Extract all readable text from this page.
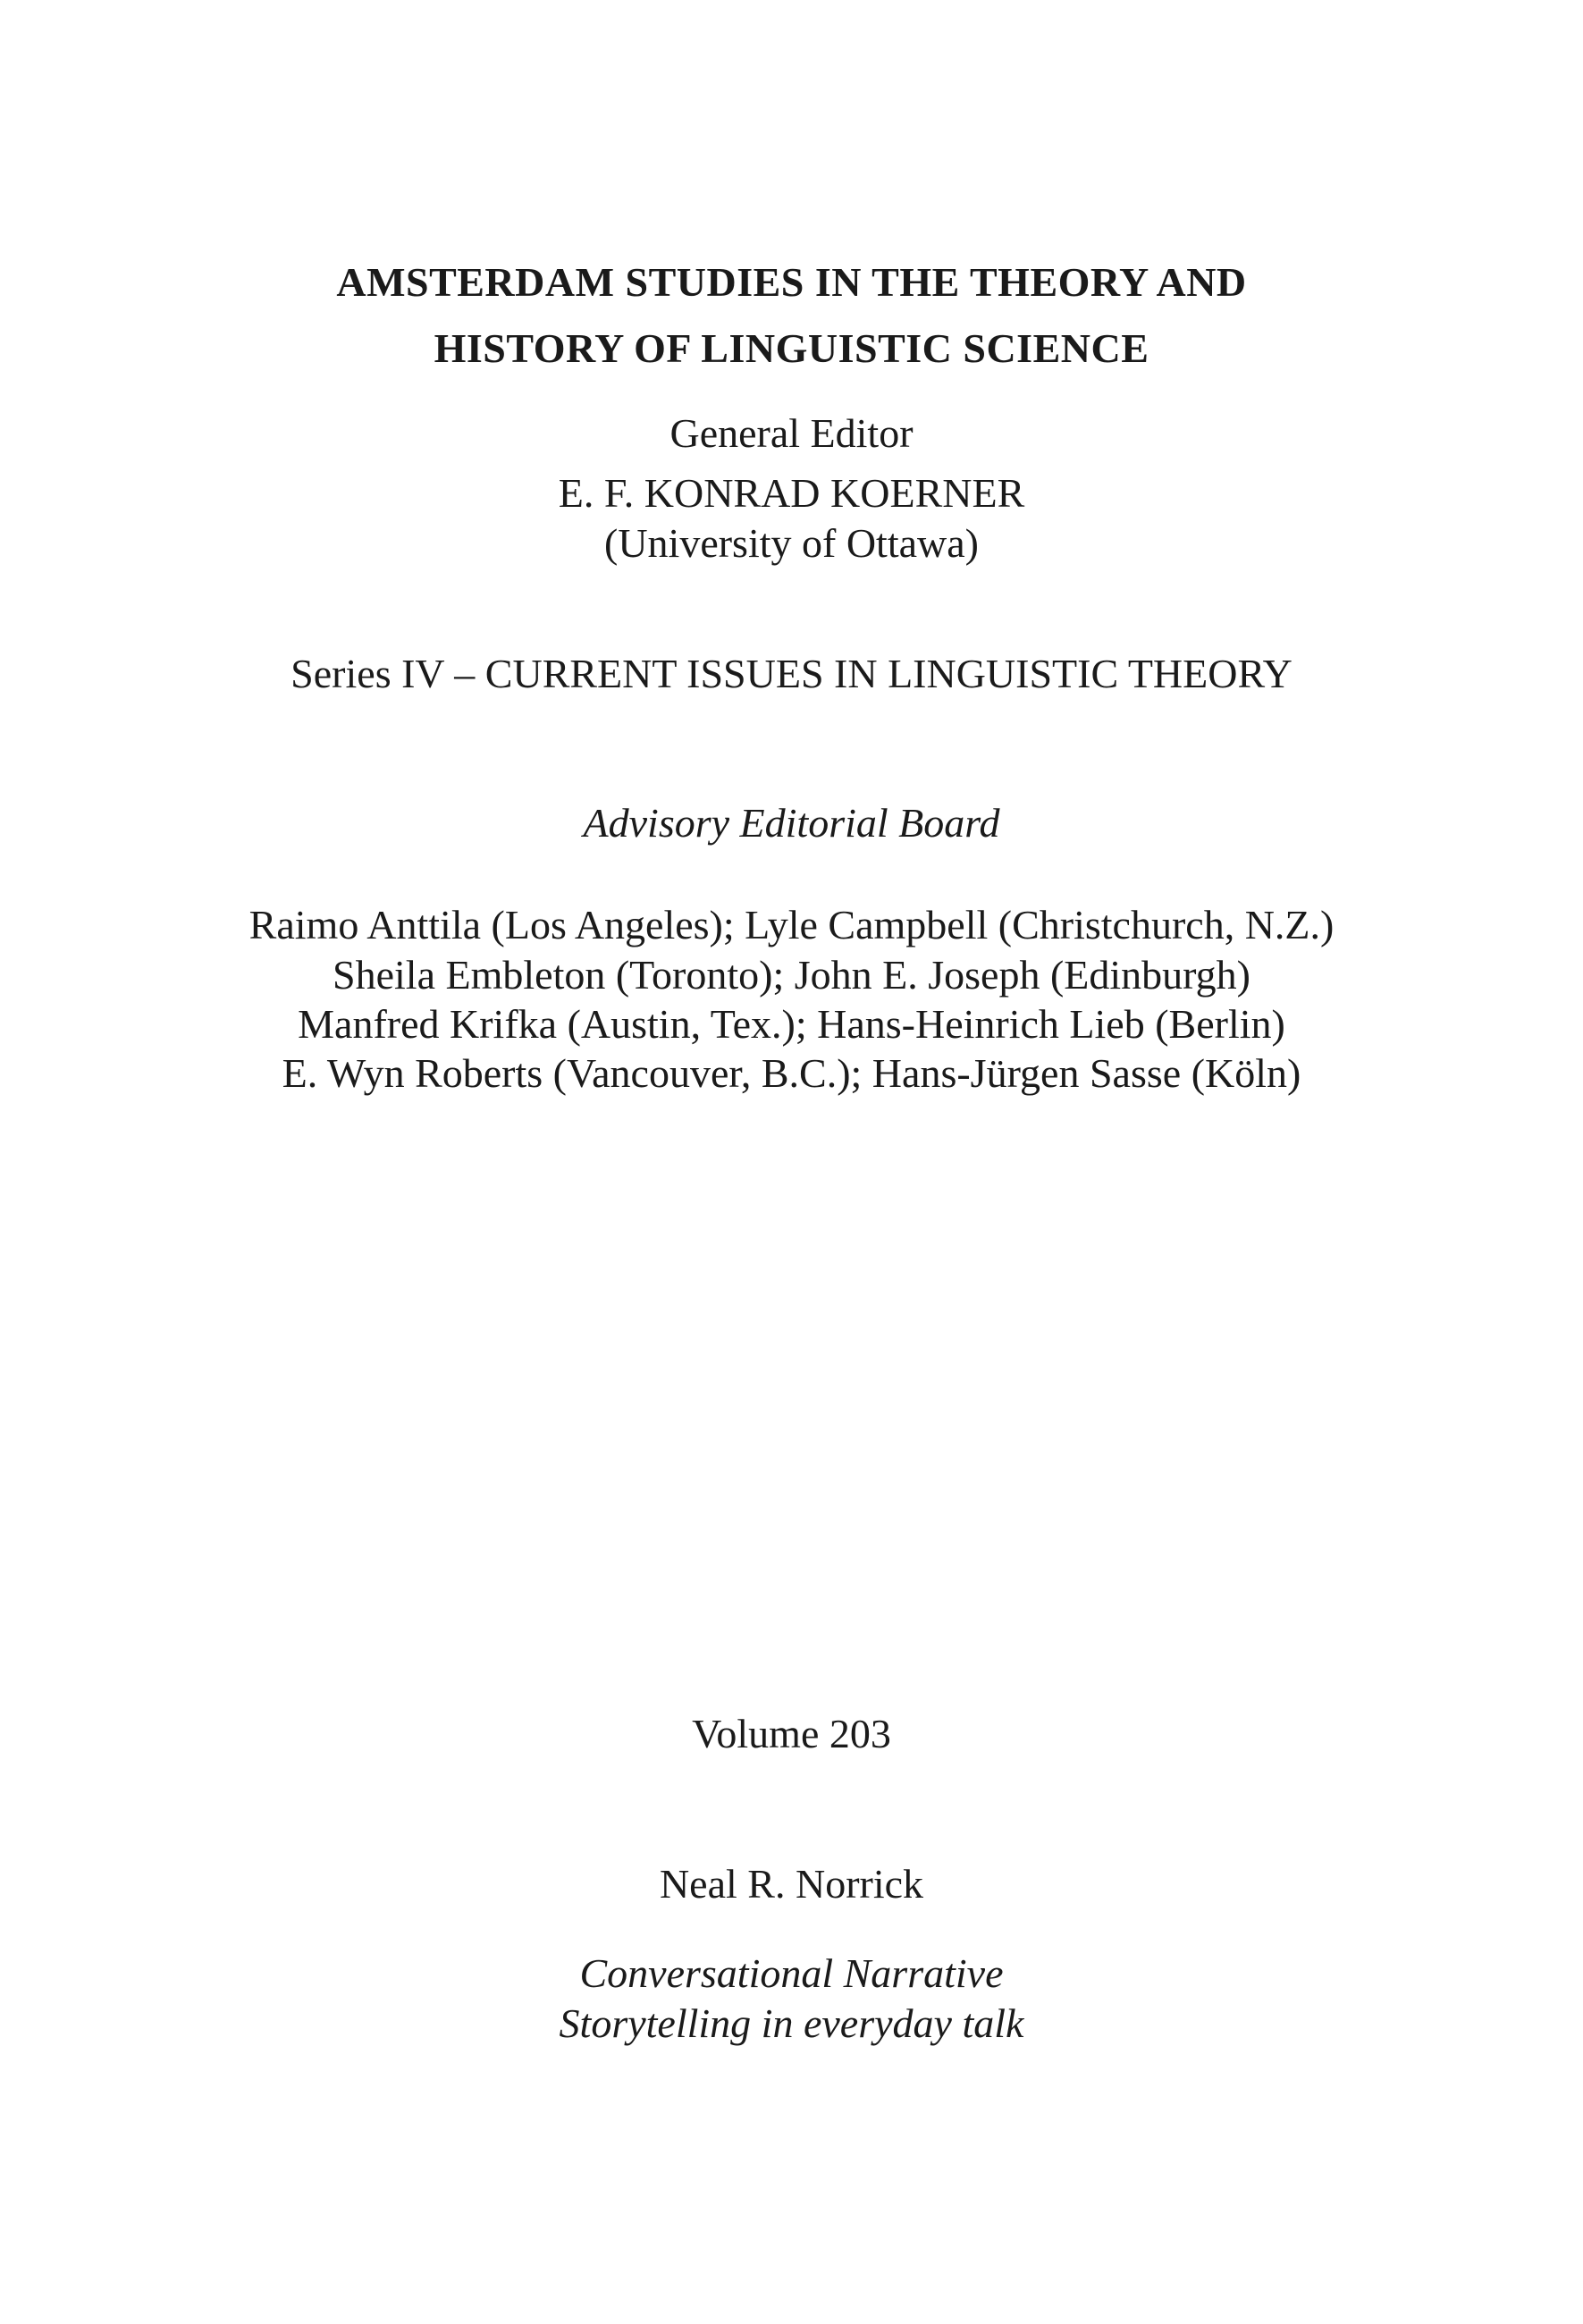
AMSTERDAM STUDIES IN THE THEORY AND
HISTORY OF LINGUISTIC SCIENCE
General Editor
E. F. KONRAD KOERNER
(University of Ottawa)
Series IV – CURRENT ISSUES IN LINGUISTIC THEORY
Advisory Editorial Board
Raimo Anttila (Los Angeles); Lyle Campbell (Christchurch, N.Z.)
Sheila Embleton (Toronto); John E. Joseph (Edinburgh)
Manfred Krifka (Austin, Tex.); Hans-Heinrich Lieb (Berlin)
E. Wyn Roberts (Vancouver, B.C.); Hans-Jürgen Sasse (Köln)
Volume 203
Neal R. Norrick
Conversational Narrative
Storytelling in everyday talk
